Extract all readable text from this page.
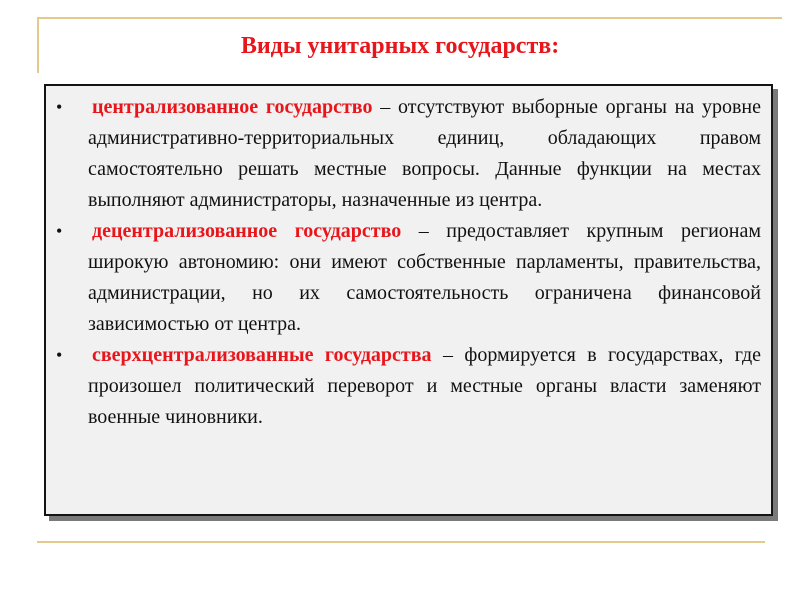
Виды унитарных государств:
•	централизованное государство – отсутствуют выборные органы на уровне административно-территориальных единиц, обладающих правом самостоятельно решать местные вопросы. Данные функции на местах выполняют администраторы, назначенные из центра.
•	децентрализованное государство – предоставляет крупным регионам широкую автономию: они имеют собственные парламенты, правительства, администрации, но их самостоятельность ограничена финансовой зависимостью от центра.
•	сверхцентрализованные государства – формируется в государствах, где произошел политический переворот и местные органы власти заменяют военные чиновники.
